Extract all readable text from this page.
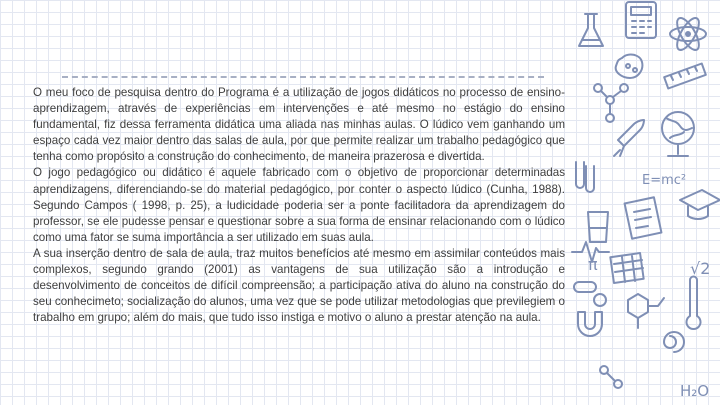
O meu foco de pesquisa dentro do Programa é a utilização de jogos didáticos no processo de ensino-aprendizagem, através de experiências em intervenções e até mesmo no estágio do ensino fundamental, fiz dessa ferramenta didática uma aliada nas minhas aulas. O lúdico vem ganhando um espaço cada vez maior dentro das salas de aula, por que permite realizar um trabalho pedagógico que tenha como propósito a construção do conhecimento, de maneira prazerosa e divertida.

O jogo pedagógico ou didático é aquele fabricado com o objetivo de proporcionar determinadas aprendizagens, diferenciando-se do material pedagógico, por conter o aspecto lúdico (Cunha, 1988). Segundo Campos ( 1998, p. 25), a ludicidade poderia ser a ponte facilitadora da aprendizagem do professor, se ele pudesse pensar e questionar sobre a sua forma de ensinar relacionando com o lúdico como uma fator se suma importância a ser utilizado em suas aula.

A sua inserção dentro de sala de aula, traz muitos benefícios até mesmo em assimilar conteúdos mais complexos, segundo grando (2001) as vantagens de sua utilização são a introdução e desenvolvimento de conceitos de difícil compreensão; a participação ativa do aluno na construção do seu conhecimeto; socialização do alunos, uma vez que se pode utilizar metodologias que previlegiem o trabalho em grupo; além do mais, que tudo isso instiga e motivo o aluno a prestar atenção na aula.

E=mc²
π	√2
H₂O
